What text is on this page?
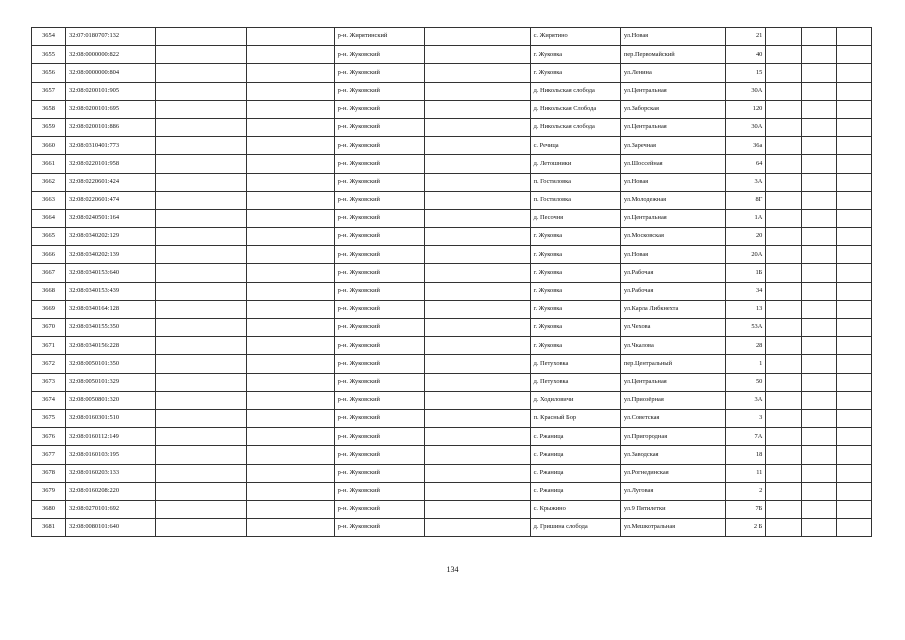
3654	32:07:0180707:132			р-н. Жирятинский		с. Жирятино	ул.Новая	21			
3655	32:08:0000000:822			р-н. Жуковский		г. Жуковка	пер.Первомайский	40			
3656	32:08:0000000:804			р-н. Жуковский		г. Жуковка	ул.Ленина	15			
3657	32:08:0200101:905			р-н. Жуковский		д. Никольская слобода	ул.Центральная	30А			
3658	32:08:0200101:695			р-н. Жуковский		д. Никольская Слобода	ул.Заборская	120			
3659	32:08:0200101:886			р-н. Жуковский		д. Никольская слобода	ул.Центральная	30А			
3660	32:08:0310401:773			р-н. Жуковский		с. Речица	ул.Заречная	36а			
3661	32:08:0220101:958			р-н. Жуковский		д. Летошники	ул.Шоссейная	64			
3662	32:08:0220601:424			р-н. Жуковский		п. Гостиловка	ул.Новая	3А			
3663	32:08:0220601:474			р-н. Жуковский		п. Гостиловка	ул.Молодежная	8Г			
3664	32:08:0240501:164			р-н. Жуковский		д. Песочня	ул.Центральная	1А			
3665	32:08:0340202:129			р-н. Жуковский		г. Жуковка	ул.Московская	20			
3666	32:08:0340202:139			р-н. Жуковский		г. Жуковка	ул.Новая	20А			
3667	32:08:0340153:640			р-н. Жуковский		г. Жуковка	ул.Рабочая	1Б			
3668	32:08:0340153:439			р-н. Жуковский		г. Жуковка	ул.Рабочая	34			
3669	32:08:0340164:128			р-н. Жуковский		г. Жуковка	ул.Карла Либкнехта	13			
3670	32:08:0340155:350			р-н. Жуковский		г. Жуковка	ул.Чехова	53А			
3671	32:08:0340156:228			р-н. Жуковский		г. Жуковка	ул.Чкалова	28			
3672	32:08:0050101:350			р-н. Жуковский		д. Петуховка	пер.Центральный	1			
3673	32:08:0050101:329			р-н. Жуковский		д. Петуховка	ул.Центральная	50			
3674	32:08:0050801:320			р-н. Жуковский		д. Ходиловичи	ул.Приозёрная	3А			
3675	32:08:0160301:510			р-н. Жуковский		п. Красный Бор	ул.Советская	3			
3676	32:08:0160112:149			р-н. Жуковский		с. Ржаница	ул.Пригородная	7А			
3677	32:08:0160103:195			р-н. Жуковский		с. Ржаница	ул.Заводская	18			
3678	32:08:0160203:133			р-н. Жуковский		с. Ржаница	ул.Рогнединская	11			
3679	32:08:0160208:220			р-н. Жуковский		с. Ржаница	ул.Луговая	2			
3680	32:08:0270101:692			р-н. Жуковский		с. Крыжино	ул.9 Пятилетки	7Б			
3681	32:08:0080101:640			р-н. Жуковский		д. Гришина слобода	ул.Мешкотральная	2 Б			
134
